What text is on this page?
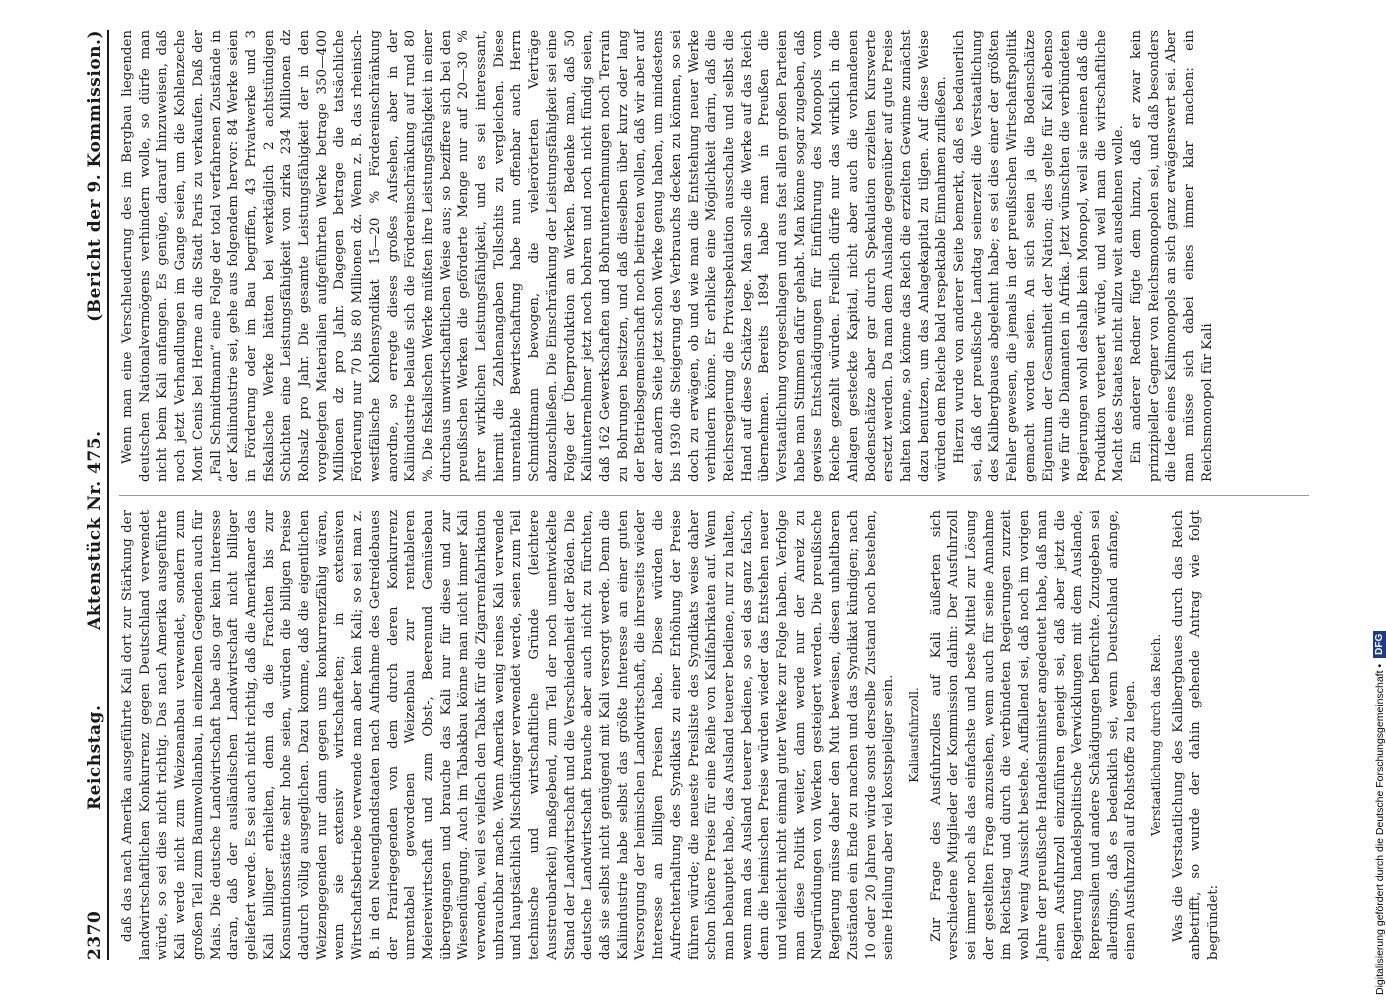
2370
Reichstag.
Aktenstück Nr. 475.
(Bericht der 9. Kommission.)

daß das nach Amerika ausgeführte Kali dort zur Stärkung der landwirtschaftlichen Konkurrenz gegen Deutschland verwendet würde, so sei dies nicht richtig. Das nach Amerika ausgeführte Kali werde nicht zum Weizenanbau verwendet, sondern zum großen Teil zum Baumwollanbau, in einzelnen Gegenden auch für Mais. Die deutsche Landwirtschaft habe also gar kein Interesse daran, daß der ausländischen Landwirtschaft nicht billiger geliefert werde. Es sei auch nicht richtig, daß die Amerikaner das Kali billiger erhielten, denn da die Frachten bis zur Konsumtionsstätte sehr hohe seien, würden die billigen Preise dadurch völlig ausgeglichen. Dazu komme, daß die eigentlichen Weizengegenden nur dann gegen uns konkurrenzfähig wären, wenn sie extensiv wirtschafteten; in extensiven Wirtschaftsbetriebe verwende man aber kein Kali; so sei man z. B. in den Neuenglandstaaten nach Aufnahme des Getreidebaues der Prairiegegenden von dem durch deren Konkurrenz unrentabel gewordenen Weizenbau zur rentableren Meiereiwirtschaft und zum Obst-, Beerenund Gemüsebau übergegangen und brauche das Kali nur für diese und zur Wiesendüngung. Auch im Tabakbau könne man nicht immer Kali verwenden, weil es vielfach den Tabak für die Zigarrenfabrikation unbrauchbar mache. Wenn Amerika wenig reines Kali verwende und hauptsächlich Mischdünger verwendet werde, seien zum Teil technische und wirtschaftliche Gründe (leichtere Ausstreubarkeit) maßgebend, zum Teil der noch unentwickelte Stand der Landwirtschaft und die Verschiedenheit der Böden. Die deutsche Landwirtschaft brauche aber auch nicht zu fürchten, daß sie selbst nicht genügend mit Kali versorgt werde. Denn die Kaliindustrie habe selbst das größte Interesse an einer guten Versorgung der heimischen Landwirtschaft, die ihrerseits wieder Interesse an billigen Preisen habe. Diese würden die Aufrechterhaltung des Syndikats zu einer Erhöhung der Preise führen würde; die neueste Preisliste des Syndikats weise daher schon höhere Preise für eine Reihe von Kalifabrikaten auf. Wenn man behauptet habe, das Ausland teuerer bediene, nur zu halten, wenn man das Ausland teuerer bediene, so sei das ganz falsch, denn die heimischen Preise würden wieder das Entstehen neuer und vielleicht nicht einmal guter Werke zur Folge haben. Verfolge man diese Politik weiter, dann werde nur der Anreiz zu Neugründungen von Werken gesteigert werden. Die preußische Regierung müsse daher den Mut beweisen, diesen unhaltbaren Zuständen ein Ende zu machen und das Syndikat kündigen; nach 10 oder 20 Jahren würde sonst derselbe Zustand noch bestehen, seine Heilung aber viel kostspieliger sein. Kaliausfuhrzoll. Zur Frage des Ausfuhrzolles auf Kali äußerten sich verschiedene Mitglieder der Kommission dahin: Der Ausfuhrzoll sei immer noch als das einfachste und beste Mittel zur Lösung der gestellten Frage anzusehen, wenn auch für seine Annahme im Reichstag und durch die verbündeten Regierungen zurzeit wohl wenig Aussicht bestehe. Auffallend sei, daß noch im vorigen Jahre der preußische Handelsminister angedeutet habe, daß man einen Ausfuhrzoll einzuführen geneigt sei, daß aber jetzt die Regierung handelspolitische Verwicklungen mit dem Auslande, Repressalien und andere Schädigungen befürchte. Zuzugeben sei allerdings, daß es bedenklich sei, wenn Deutschland anfange, einen Ausfuhrzoll auf Rohstoffe zu legen. Verstaatlichung durch das Reich. Was die Verstaatlichung des Kalibergbaues durch das Reich anbetrifft, so wurde der dahin gehende Antrag wie folgt begründet:

Wenn man eine Verschleuderung des im Bergbau liegenden deutschen Nationalvermögens verhindern wolle, so dürfe man nicht beim Kali anfangen. Es genüge, darauf hinzuweisen, daß noch jetzt Verhandlungen im Gange seien, um die Kohlenzeche Mont Cenis bei Herne an die Stadt Paris zu verkaufen. Daß der „Fall Schmidtmann“ eine Folge der total verfahrenen Zustände in der Kaliindustrie sei, gehe aus folgendem hervor: 84 Werke seien in Förderung oder im Bau begriffen, 43 Privatwerke und 3 fiskalische Werke hätten bei werktäglich 2 achtstündigen Schichten eine Leistungsfähigkeit von zirka 234 Millionen dz Rohsalz pro Jahr. Die gesamte Leistungsfähigkeit der in den vorgelegten Materialien aufgeführten Werke betrage 350—400 Millionen dz pro Jahr. Dagegen betrage die tatsächliche Förderung nur 70 bis 80 Millionen dz. Wenn z. B. das rheinisch-westfälische Kohlensyndikat 15—20 % Fördereinschränkung anordne, so erregte dieses großes Aufsehen, aber in der Kaliindustrie belaufe sich die Fördereinschränkung auf rund 80 %. Die fiskalischen Werke müßten ihre Leistungsfähigkeit in einer durchaus unwirtschaftlichen Weise aus; so beziffere sich bei den preußischen Werken die geförderte Menge nur auf 20—30 % ihrer wirklichen Leistungsfähigkeit, und es sei interessant, hiermit die Zahlenangaben Tollschits zu vergleichen. Diese unrentable Bewirtschaftung habe nun offenbar auch Herrn Schmidtmann bewogen, die vielerörterten Verträge abzuschließen. Die Einschränkung der Leistungsfähigkeit sei eine Folge der Überproduktion an Werken. Bedenke man, daß 50 Kaliunternehmer jetzt noch bohren und noch nicht fündig seien, daß 162 Gewerkschaften und Bohrunternehmungen noch Terrain zu Bohrungen besitzen, und daß dieselben über kurz oder lang der Betriebsgemeinschaft noch beitreten wollen, daß wir aber auf der andern Seite jetzt schon Werke genug haben, um mindestens bis 1930 die Steigerung des Verbrauchs decken zu können, so sei doch zu erwägen, ob und wie man die Entstehung neuer Werke verhindern könne. Er erblicke eine Möglichkeit darin, daß die Reichsregierung die Privatspekulation ausschalte und selbst die Hand auf diese Schätze lege. Man solle die Werke auf das Reich übernehmen. Bereits 1894 habe man in Preußen die Verstaatlichung vorgeschlagen und aus fast allen großen Parteien habe man Stimmen dafür gehabt. Man könne sogar zugeben, daß gewisse Entschädigungen für Einführung des Monopols vom Reiche gezahlt würden. Freilich dürfe nur das wirklich in die Anlagen gesteckte Kapital, nicht aber auch die vorhandenen Bodenschätze aber gar durch Spekulation erzielten Kurswerte ersetzt werden. Da man dem Auslande gegenüber auf gute Preise halten könne, so könne das Reich die erzielten Gewinne zunächst dazu benutzen, um das Anlagekapital zu tilgen. Auf diese Weise würden dem Reiche bald respektable Einnahmen zufließen. Hierzu wurde von anderer Seite bemerkt, daß es bedauerlich sei, daß der preußische Landtag seinerzeit die Verstaatlichung des Kalibergbaues abgelehnt habe; es sei dies einer der größten Fehler gewesen, die jemals in der preußischen Wirtschaftspolitik gemacht worden seien. An sich seien ja die Bodenschätze Eigentum der Gesamtheit der Nation; dies gelte für Kali ebenso wie für die Diamanten in Afrika. Jetzt wünschten die verbündeten Regierungen wohl deshalb kein Monopol, weil sie meinen daß die Produktion verteuert würde, und weil man die wirtschaftliche Macht des Staates nicht allzu weit ausdehnen wolle. Ein anderer Redner fügte dem hinzu, daß er zwar kein prinzipieller Gegner von Reichsmonopolen sei, und daß besonders die Idee eines Kalimonopols an sich ganz erwägenswert sei. Aber man müsse sich dabei eines immer klar machen: ein Reichsmonopol für Kali

Digitalisierung gefördert durch die Deutsche Forschungsgemeinschaft •
DFG
